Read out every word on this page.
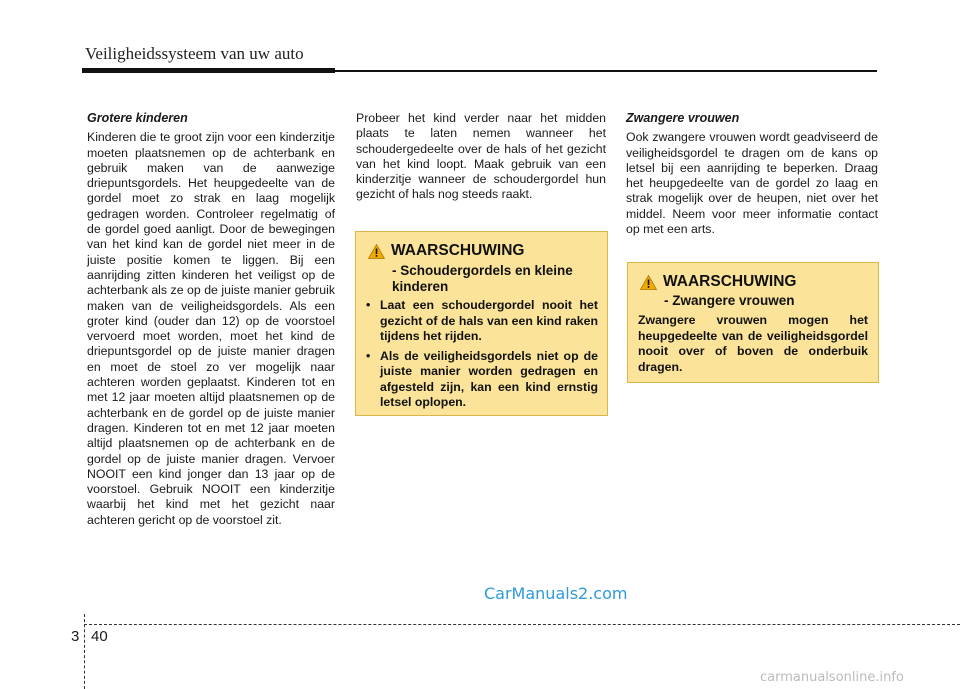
Veiligheidssysteem van uw auto

Grotere kinderen

Kinderen die te groot zijn voor een kinderzitje moeten plaatsnemen op de achterbank en gebruik maken van de aanwezige driepuntsgordels. Het heupgedeelte van de gordel moet zo strak en laag mogelijk gedragen worden. Controleer regelmatig of de gordel goed aanligt. Door de bewegingen van het kind kan de gordel niet meer in de juiste positie komen te liggen. Bij een aanrijding zitten kinderen het veiligst op de achterbank als ze op de juiste manier gebruik maken van de veiligheidsgordels. Als een groter kind (ouder dan 12) op de voorstoel vervoerd moet worden, moet het kind de driepuntsgordel op de juiste manier dragen en moet de stoel zo ver mogelijk naar achteren worden geplaatst. Kinderen tot en met 12 jaar moeten altijd plaatsnemen op de achterbank en de gordel op de juiste manier dragen. Kinderen tot en met 12 jaar moeten altijd plaatsnemen op de achterbank en de gordel op de juiste manier dragen. Vervoer NOOIT een kind jonger dan 13 jaar op de voorstoel. Gebruik NOOIT een kinderzitje waarbij het kind met het gezicht naar achteren gericht op de voorstoel zit.

Probeer het kind verder naar het midden plaats te laten nemen wanneer het schoudergedeelte over de hals of het gezicht van het kind loopt. Maak gebruik van een kinderzitje wanneer de schoudergordel hun gezicht of hals nog steeds raakt.

WAARSCHUWING
- Schoudergordels en kleine kinderen
• Laat een schoudergordel nooit het gezicht of de hals van een kind raken tijdens het rijden.
• Als de veiligheidsgordels niet op de juiste manier worden gedragen en afgesteld zijn, kan een kind ernstig letsel oplopen.

Zwangere vrouwen

Ook zwangere vrouwen wordt geadviseerd de veiligheidsgordel te dragen om de kans op letsel bij een aanrijding te beperken. Draag het heupgedeelte van de gordel zo laag en strak mogelijk over de heupen, niet over het middel. Neem voor meer informatie contact op met een arts.

WAARSCHUWING
- Zwangere vrouwen
Zwangere vrouwen mogen het heupgedeelte van de veiligheidsgordel nooit over of boven de onderbuik dragen.
CarManuals2.com
3 40
carmanualsonline.info
